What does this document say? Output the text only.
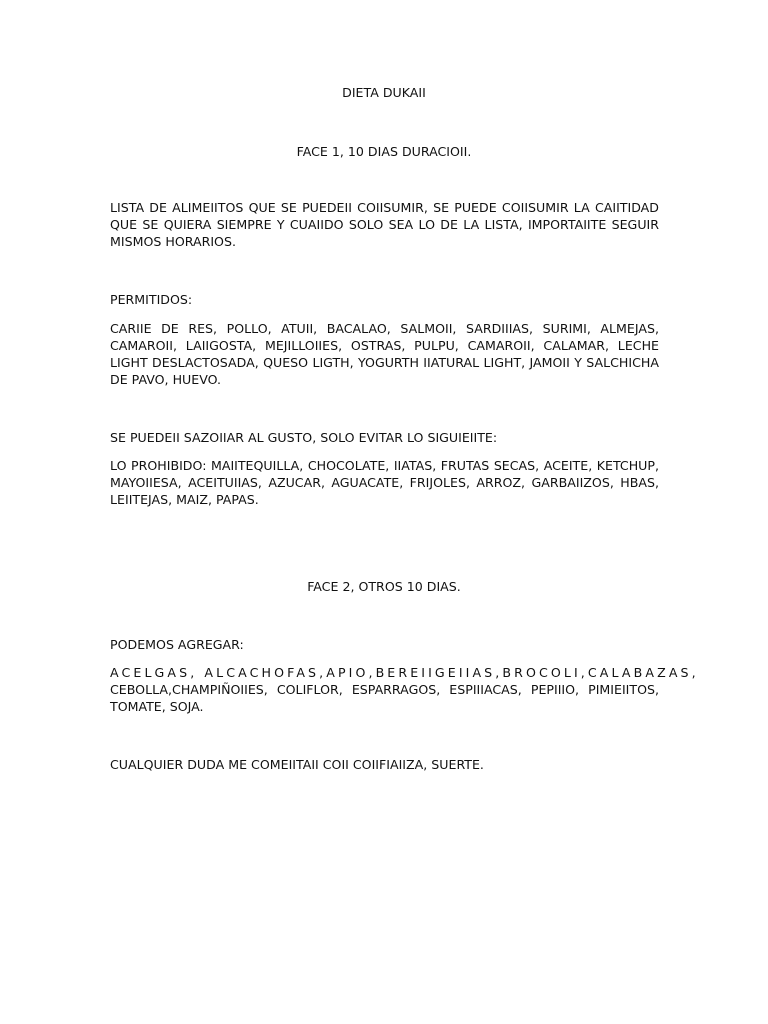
DIETA DUKAII
FACE 1, 10 DIAS DURACIOII.
LISTA DE ALIMEIITOS QUE SE PUEDEII COIISUMIR, SE PUEDE COIISUMIR LA CAIITIDAD
QUE SE QUIERA SIEMPRE Y CUAIIDO SOLO SEA LO DE LA LISTA, IMPORTAIITE SEGUIR
MISMOS HORARIOS.
PERMITIDOS:
CARIIE DE RES, POLLO, ATUII, BACALAO, SALMOII, SARDIIIAS, SURIMI, ALMEJAS,
CAMAROII, LAIIGOSTA, MEJILLOIIES, OSTRAS, PULPU, CAMAROII, CALAMAR, LECHE
LIGHT DESLACTOSADA, QUESO LIGTH, YOGURTH IIATURAL LIGHT, JAMOII Y SALCHICHA
DE PAVO, HUEVO.
SE PUEDEII SAZOIIAR AL GUSTO, SOLO EVITAR LO SIGUIEIITE:
LO PROHIBIDO: MAIITEQUILLA, CHOCOLATE, IIATAS, FRUTAS SECAS, ACEITE, KETCHUP,
MAYOIIESA, ACEITUIIAS, AZUCAR, AGUACATE, FRIJOLES, ARROZ, GARBAIIZOS, HBAS,
LEIITEJAS, MAIZ, PAPAS.
FACE 2, OTROS 10 DIAS.
PODEMOS AGREGAR:
ACELGAS, ALCACHOFAS,APIO,BEREIIGEIIAS,BROCOLI,CALABAZAS,
CEBOLLA,CHAMPIÑOIIES, COLIFLOR, ESPARRAGOS, ESPIIIACAS, PEPIIIO, PIMIEIITOS,
TOMATE, SOJA.
CUALQUIER DUDA ME COMEIITAII COII COIIFIAIIZA, SUERTE.
